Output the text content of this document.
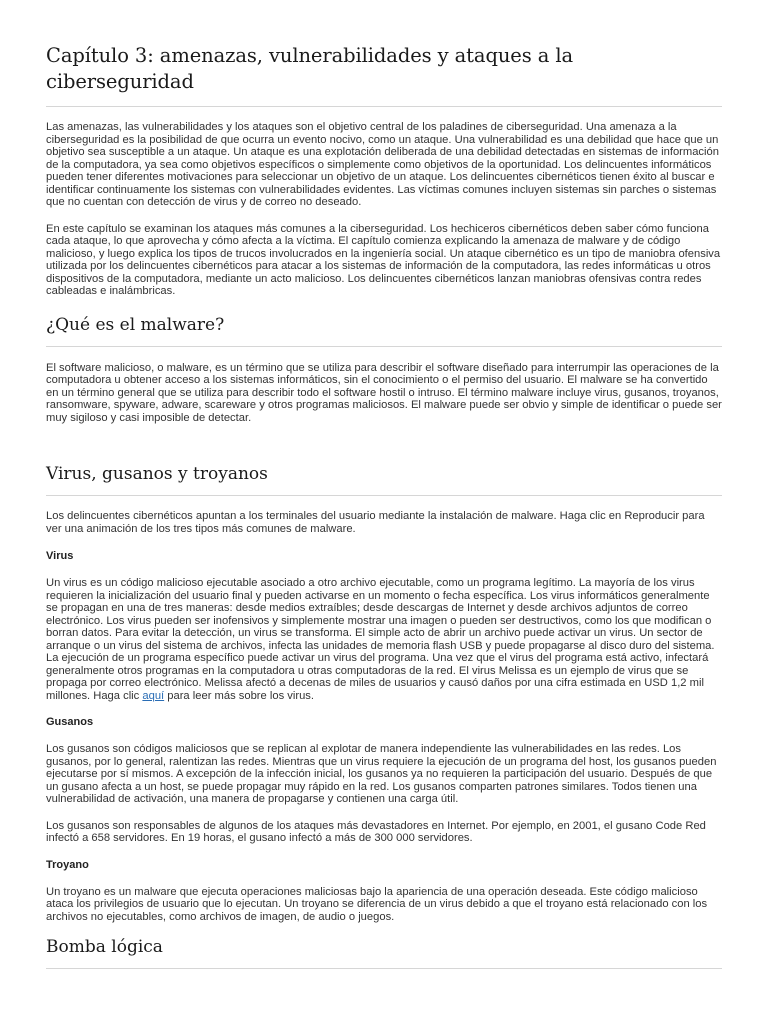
Capítulo 3: amenazas, vulnerabilidades y ataques a la ciberseguridad

Las amenazas, las vulnerabilidades y los ataques son el objetivo central de los paladines de ciberseguridad. Una amenaza a la ciberseguridad es la posibilidad de que ocurra un evento nocivo, como un ataque. Una vulnerabilidad es una debilidad que hace que un objetivo sea susceptible a un ataque. Un ataque es una explotación deliberada de una debilidad detectadas en sistemas de información de la computadora, ya sea como objetivos específicos o simplemente como objetivos de la oportunidad. Los delincuentes informáticos pueden tener diferentes motivaciones para seleccionar un objetivo de un ataque. Los delincuentes cibernéticos tienen éxito al buscar e identificar continuamente los sistemas con vulnerabilidades evidentes. Las víctimas comunes incluyen sistemas sin parches o sistemas que no cuentan con detección de virus y de correo no deseado.

En este capítulo se examinan los ataques más comunes a la ciberseguridad. Los hechiceros cibernéticos deben saber cómo funciona cada ataque, lo que aprovecha y cómo afecta a la víctima. El capítulo comienza explicando la amenaza de malware y de código malicioso, y luego explica los tipos de trucos involucrados en la ingeniería social. Un ataque cibernético es un tipo de maniobra ofensiva utilizada por los delincuentes cibernéticos para atacar a los sistemas de información de la computadora, las redes informáticas u otros dispositivos de la computadora, mediante un acto malicioso. Los delincuentes cibernéticos lanzan maniobras ofensivas contra redes cableadas e inalámbricas.

¿Qué es el malware?

El software malicioso, o malware, es un término que se utiliza para describir el software diseñado para interrumpir las operaciones de la computadora u obtener acceso a los sistemas informáticos, sin el conocimiento o el permiso del usuario. El malware se ha convertido en un término general que se utiliza para describir todo el software hostil o intruso. El término malware incluye virus, gusanos, troyanos, ransomware, spyware, adware, scareware y otros programas maliciosos. El malware puede ser obvio y simple de identificar o puede ser muy sigiloso y casi imposible de detectar.

Virus, gusanos y troyanos

Los delincuentes cibernéticos apuntan a los terminales del usuario mediante la instalación de malware. Haga clic en Reproducir para ver una animación de los tres tipos más comunes de malware.

Virus

Un virus es un código malicioso ejecutable asociado a otro archivo ejecutable, como un programa legítimo. La mayoría de los virus requieren la inicialización del usuario final y pueden activarse en un momento o fecha específica. Los virus informáticos generalmente se propagan en una de tres maneras: desde medios extraíbles; desde descargas de Internet y desde archivos adjuntos de correo electrónico. Los virus pueden ser inofensivos y simplemente mostrar una imagen o pueden ser destructivos, como los que modifican o borran datos. Para evitar la detección, un virus se transforma. El simple acto de abrir un archivo puede activar un virus. Un sector de arranque o un virus del sistema de archivos, infecta las unidades de memoria flash USB y puede propagarse al disco duro del sistema. La ejecución de un programa específico puede activar un virus del programa. Una vez que el virus del programa está activo, infectará generalmente otros programas en la computadora u otras computadoras de la red. El virus Melissa es un ejemplo de virus que se propaga por correo electrónico. Melissa afectó a decenas de miles de usuarios y causó daños por una cifra estimada en USD 1,2 mil millones. Haga clic aquí para leer más sobre los virus.

Gusanos

Los gusanos son códigos maliciosos que se replican al explotar de manera independiente las vulnerabilidades en las redes. Los gusanos, por lo general, ralentizan las redes. Mientras que un virus requiere la ejecución de un programa del host, los gusanos pueden ejecutarse por sí mismos. A excepción de la infección inicial, los gusanos ya no requieren la participación del usuario. Después de que un gusano afecta a un host, se puede propagar muy rápido en la red. Los gusanos comparten patrones similares. Todos tienen una vulnerabilidad de activación, una manera de propagarse y contienen una carga útil.

Los gusanos son responsables de algunos de los ataques más devastadores en Internet. Por ejemplo, en 2001, el gusano Code Red infectó a 658 servidores. En 19 horas, el gusano infectó a más de 300 000 servidores.

Troyano

Un troyano es un malware que ejecuta operaciones maliciosas bajo la apariencia de una operación deseada. Este código malicioso ataca los privilegios de usuario que lo ejecutan. Un troyano se diferencia de un virus debido a que el troyano está relacionado con los archivos no ejecutables, como archivos de imagen, de audio o juegos.

Bomba lógica
